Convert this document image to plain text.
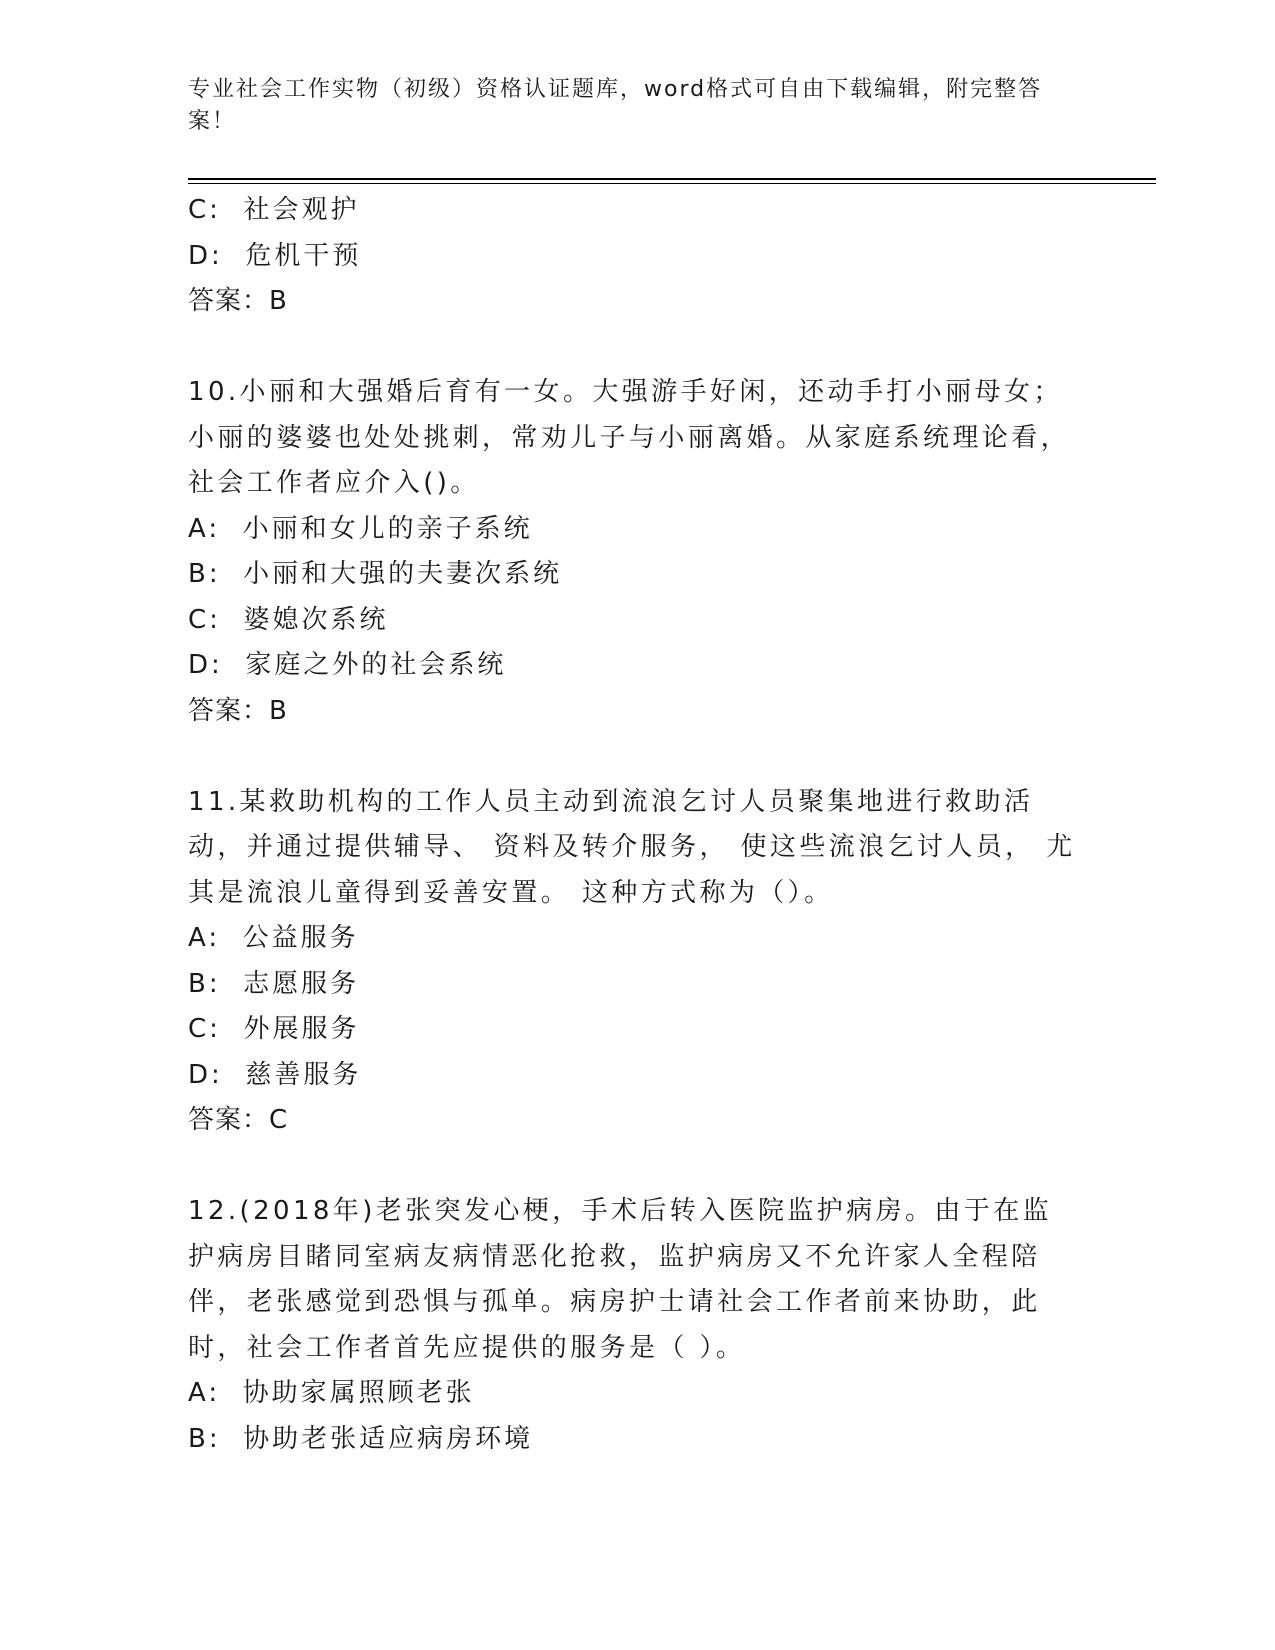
专业社会工作实物（初级）资格认证题库，word格式可自由下载编辑，附完整答案！
C: 社会观护
D: 危机干预
答案：B
10.小丽和大强婚后育有一女。大强游手好闲，还动手打小丽母女；小丽的婆婆也处处挑刺，常劝儿子与小丽离婚。从家庭系统理论看，社会工作者应介入()。
A: 小丽和女儿的亲子系统
B: 小丽和大强的夫妻次系统
C: 婆媳次系统
D: 家庭之外的社会系统
答案：B
11.某救助机构的工作人员主动到流浪乞讨人员聚集地进行救助活动，并通过提供辅导、 资料及转介服务， 使这些流浪乞讨人员， 尤其是流浪儿童得到妥善安置。 这种方式称为（）。
A: 公益服务
B: 志愿服务
C: 外展服务
D: 慈善服务
答案：C
12.(2018年)老张突发心梗，手术后转入医院监护病房。由于在监护病房目睹同室病友病情恶化抢救，监护病房又不允许家人全程陪伴，老张感觉到恐惧与孤单。病房护士请社会工作者前来协助，此时，社会工作者首先应提供的服务是（ ）。
A: 协助家属照顾老张
B: 协助老张适应病房环境
